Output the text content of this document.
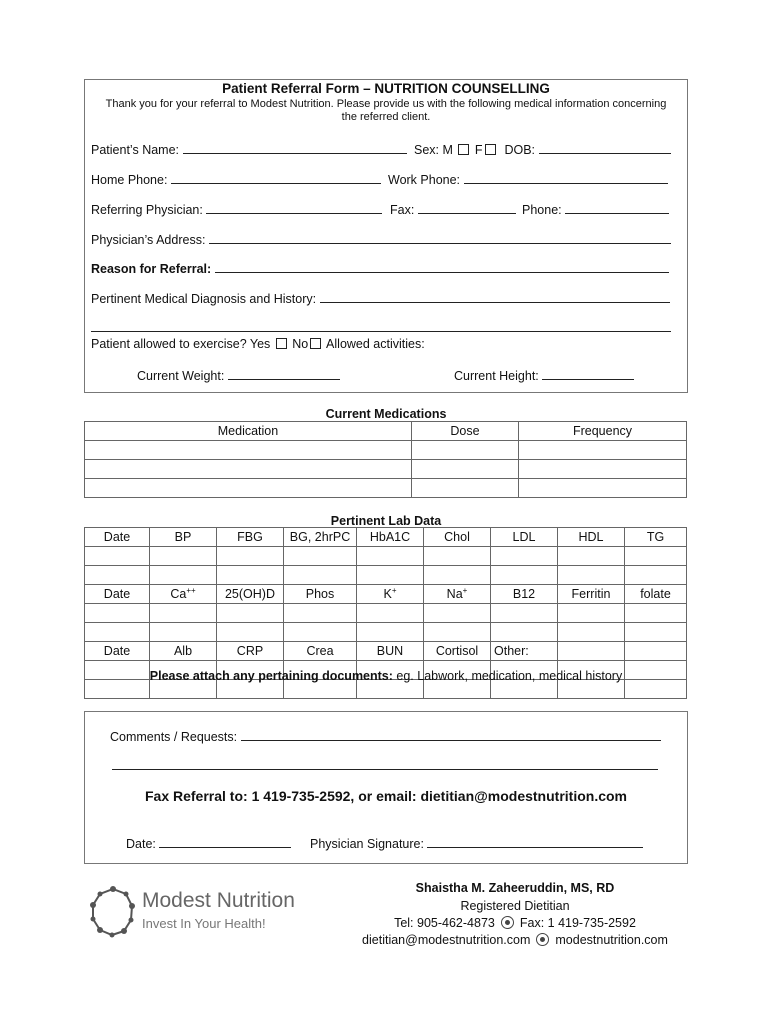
Patient Referral Form – NUTRITION COUNSELLING
Thank you for your referral to Modest Nutrition. Please provide us with the following medical information concerning
the referred client.
Patient’s Name:	Sex: M F DOB:
Home Phone:	Work Phone:
Referring Physician:	Fax:	Phone:
Physician’s Address:
Reason for Referral:
Pertinent Medical Diagnosis and History:
Patient allowed to exercise? Yes No Allowed activities:
Current Weight:	Current Height:
Current Medications
Medication	Dose	Frequency

Pertinent Lab Data
Date	BP	FBG	BG, 2hrPC	HbA1C	Chol	LDL	HDL	TG

Date	Ca++	25(OH)D	Phos	K+	Na+	B12	Ferritin	folate

Date	Alb	CRP	Crea	BUN	Cortisol	Other:		

Please attach any pertaining documents: eg. Labwork, medication, medical history
Comments / Requests:
Fax Referral to: 1 419-735-2592, or email: dietitian@modestnutrition.com
Date:	Physician Signature:
Modest Nutrition
Invest In Your Health!
Shaistha M. Zaheeruddin, MS, RD
Registered Dietitian
Tel: 905-462-4873 Fax: 1 419-735-2592
dietitian@modestnutrition.com modestnutrition.com
